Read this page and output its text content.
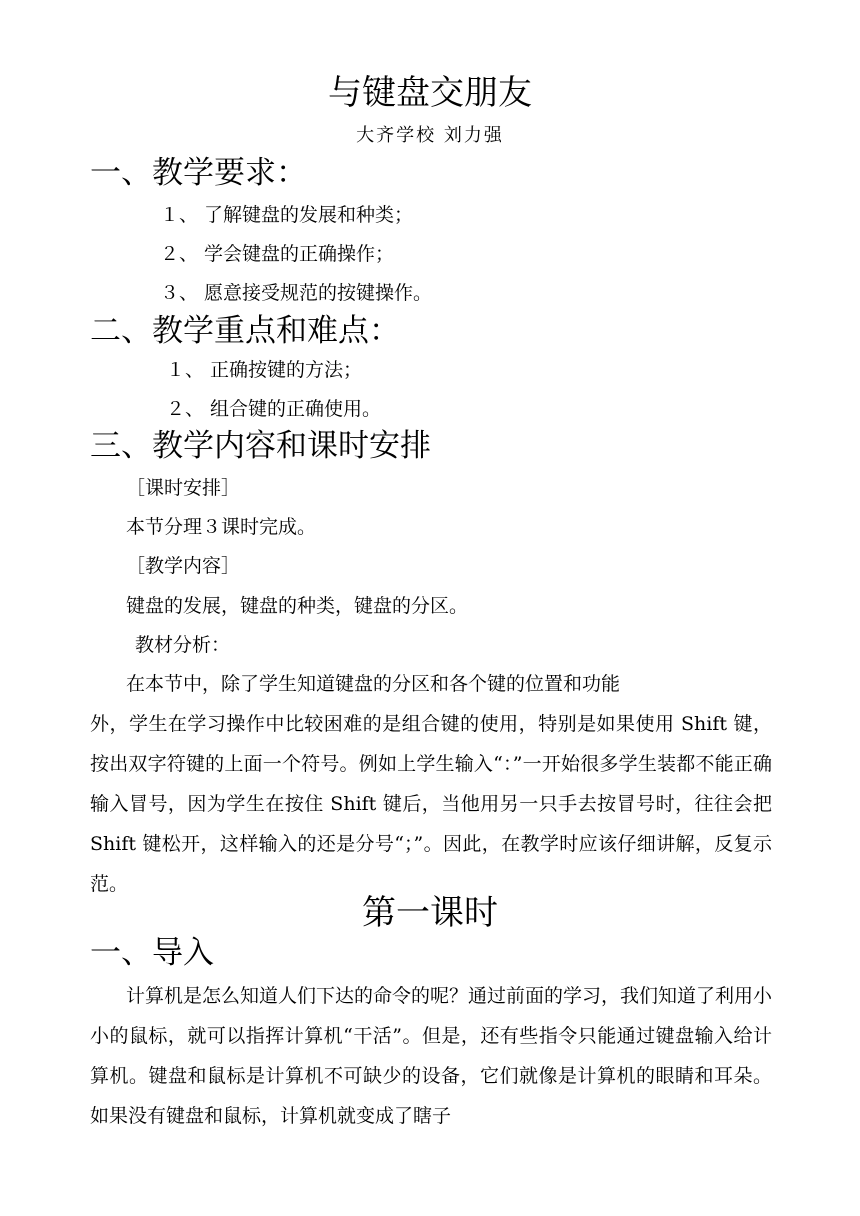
与键盘交朋友
大齐学校 刘力强
一、教学要求：
１、 了解键盘的发展和种类；
２、 学会键盘的正确操作；
３、 愿意接受规范的按键操作。
二、教学重点和难点：
１、 正确按键的方法；
２、 组合键的正确使用。
三、教学内容和课时安排
［课时安排］
本节分理３课时完成。
［教学内容］
键盘的发展，键盘的种类，键盘的分区。
教材分析：
在本节中，除了学生知道键盘的分区和各个键的位置和功能
外，学生在学习操作中比较困难的是组合键的使用，特别是如果使用 Shift 键，按出双字符键的上面一个符号。例如上学生输入“：”一开始很多学生装都不能正确输入冒号，因为学生在按住 Shift 键后，当他用另一只手去按冒号时，往往会把 Shift 键松开，这样输入的还是分号“；”。因此，在教学时应该仔细讲解，反复示范。
第一课时
一、导入
计算机是怎么知道人们下达的命令的呢？通过前面的学习，我们知道了利用小小的鼠标，就可以指挥计算机“干活”。但是，还有些指令只能通过键盘输入给计算机。键盘和鼠标是计算机不可缺少的设备，它们就像是计算机的眼睛和耳朵。如果没有键盘和鼠标，计算机就变成了瞎子
